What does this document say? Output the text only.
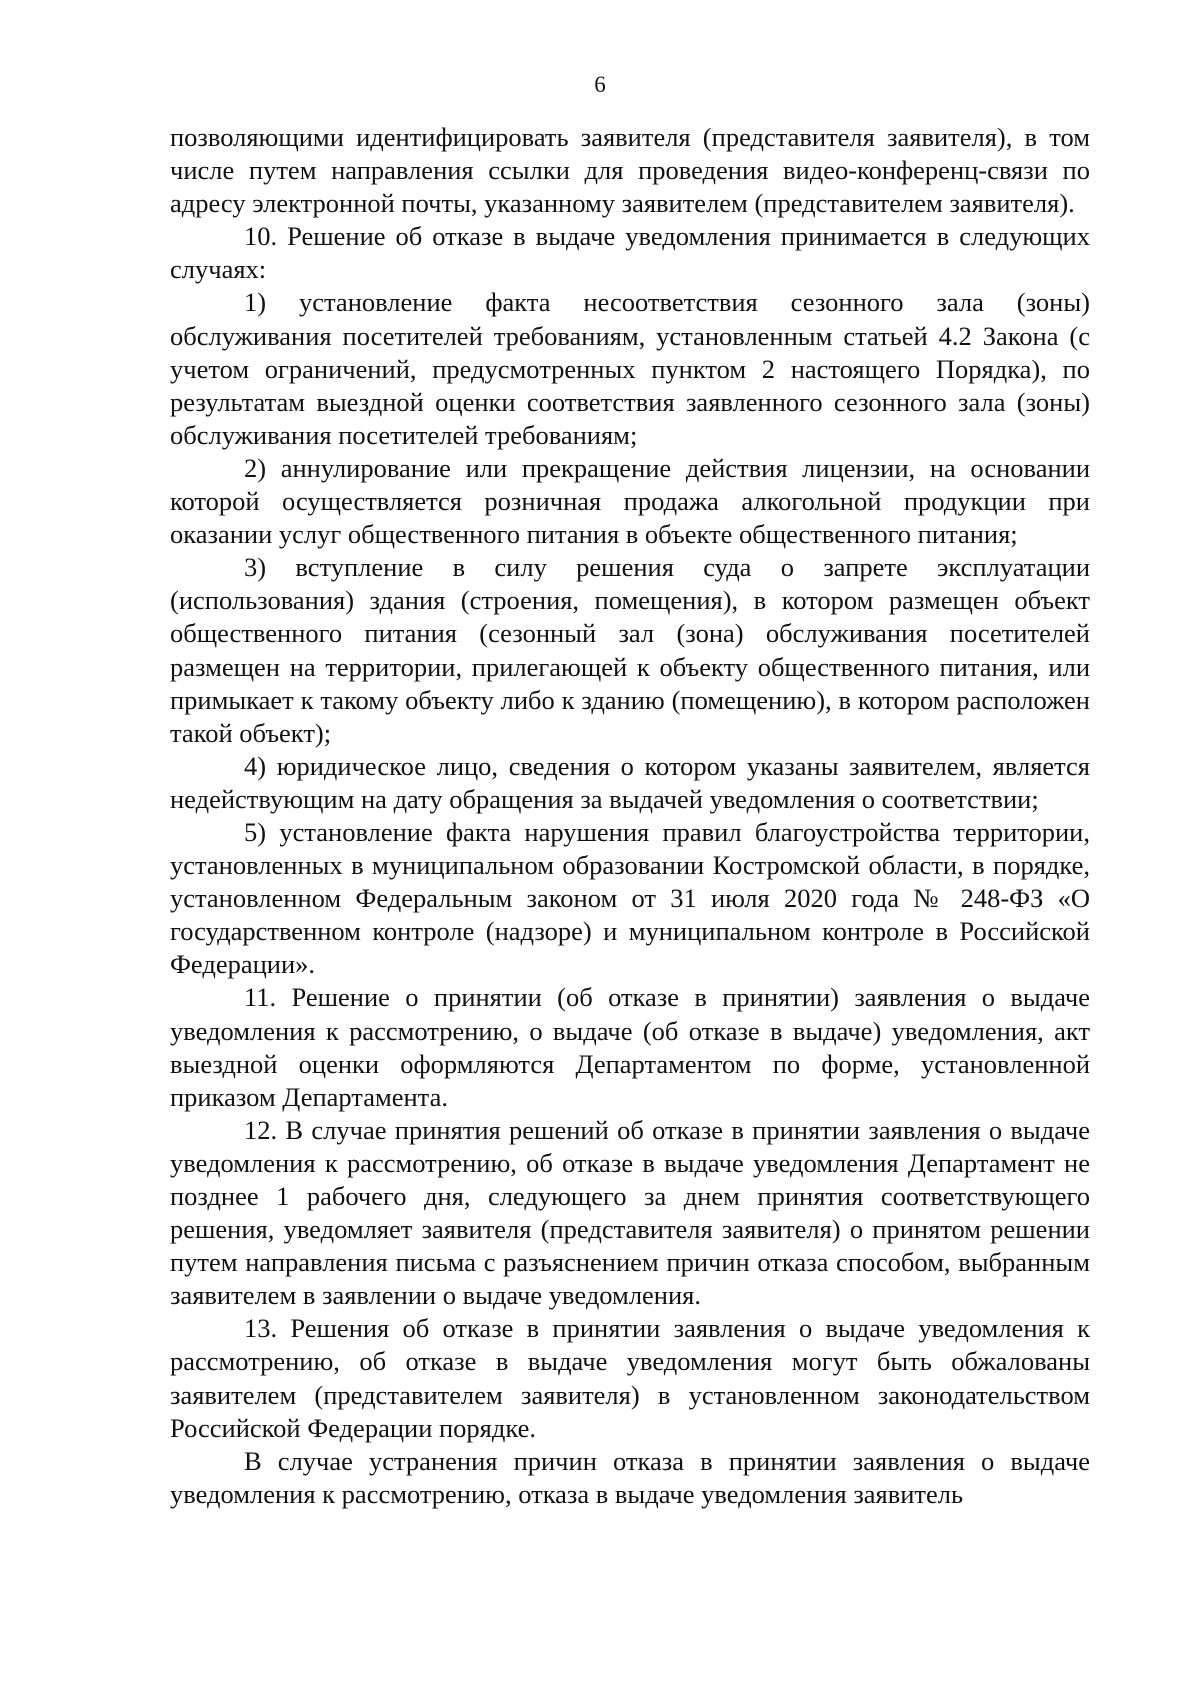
6

позволяющими идентифицировать заявителя (представителя заявителя), в том числе путем направления ссылки для проведения видео-конференц-связи по адресу электронной почты, указанному заявителем (представителем заявителя).

10. Решение об отказе в выдаче уведомления принимается в следующих случаях:

1) установление факта несоответствия сезонного зала (зоны) обслуживания посетителей требованиям, установленным статьей 4.2 Закона (с учетом ограничений, предусмотренных пунктом 2 настоящего Порядка), по результатам выездной оценки соответствия заявленного сезонного зала (зоны) обслуживания посетителей требованиям;

2) аннулирование или прекращение действия лицензии, на основании которой осуществляется розничная продажа алкогольной продукции при оказании услуг общественного питания в объекте общественного питания;

3) вступление в силу решения суда о запрете эксплуатации (использования) здания (строения, помещения), в котором размещен объект общественного питания (сезонный зал (зона) обслуживания посетителей размещен на территории, прилегающей к объекту общественного питания, или примыкает к такому объекту либо к зданию (помещению), в котором расположен такой объект);

4) юридическое лицо, сведения о котором указаны заявителем, является недействующим на дату обращения за выдачей уведомления о соответствии;

5) установление факта нарушения правил благоустройства территории, установленных в муниципальном образовании Костромской области, в порядке, установленном Федеральным законом от 31 июля 2020 года № 248-ФЗ «О государственном контроле (надзоре) и муниципальном контроле в Российской Федерации».

11. Решение о принятии (об отказе в принятии) заявления о выдаче уведомления к рассмотрению, о выдаче (об отказе в выдаче) уведомления, акт выездной оценки оформляются Департаментом по форме, установленной приказом Департамента.

12. В случае принятия решений об отказе в принятии заявления о выдаче уведомления к рассмотрению, об отказе в выдаче уведомления Департамент не позднее 1 рабочего дня, следующего за днем принятия соответствующего решения, уведомляет заявителя (представителя заявителя) о принятом решении путем направления письма с разъяснением причин отказа способом, выбранным заявителем в заявлении о выдаче уведомления.

13. Решения об отказе в принятии заявления о выдаче уведомления к рассмотрению, об отказе в выдаче уведомления могут быть обжалованы заявителем (представителем заявителя) в установленном законодательством Российской Федерации порядке.

В случае устранения причин отказа в принятии заявления о выдаче уведомления к рассмотрению, отказа в выдаче уведомления заявитель
